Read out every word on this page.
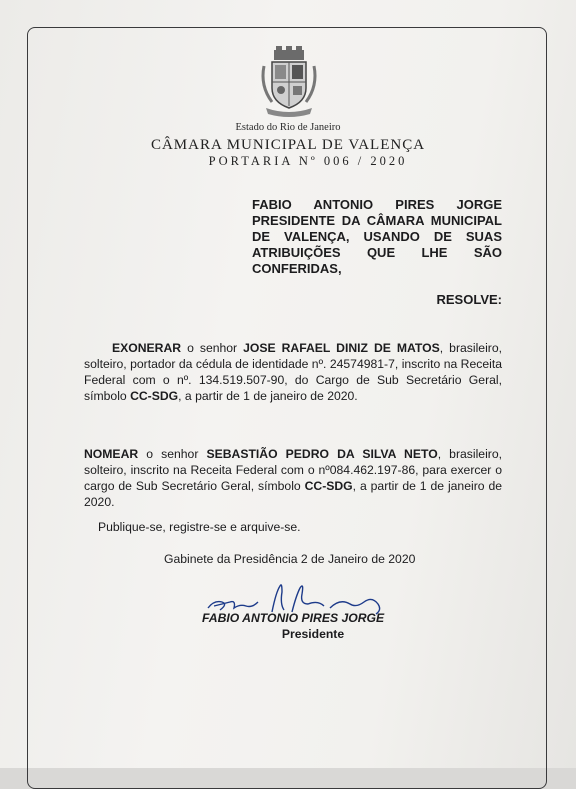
Estado do Rio de Janeiro
CÂMARA MUNICIPAL DE VALENÇA
PORTARIA Nº 006 / 2020
FABIO ANTONIO PIRES JORGE PRESIDENTE DA CÂMARA MUNICIPAL DE VALENÇA, USANDO DE SUAS ATRIBUIÇÕES QUE LHE SÃO CONFERIDAS,
RESOLVE:
EXONERAR o senhor JOSE RAFAEL DINIZ DE MATOS, brasileiro, solteiro, portador da cédula de identidade nº. 24574981-7, inscrito na Receita Federal com o nº. 134.519.507-90, do Cargo de Sub Secretário Geral, símbolo CC-SDG, a partir de 1 de janeiro de 2020.
NOMEAR o senhor SEBASTIÃO PEDRO DA SILVA NETO, brasileiro, solteiro, inscrito na Receita Federal com o nº084.462.197-86, para exercer o cargo de Sub Secretário Geral, símbolo CC-SDG, a partir de 1 de janeiro de 2020.
Publique-se, registre-se e arquive-se.
Gabinete da Presidência 2 de Janeiro de 2020
FABIO ANTONIO PIRES JORGE
Presidente
